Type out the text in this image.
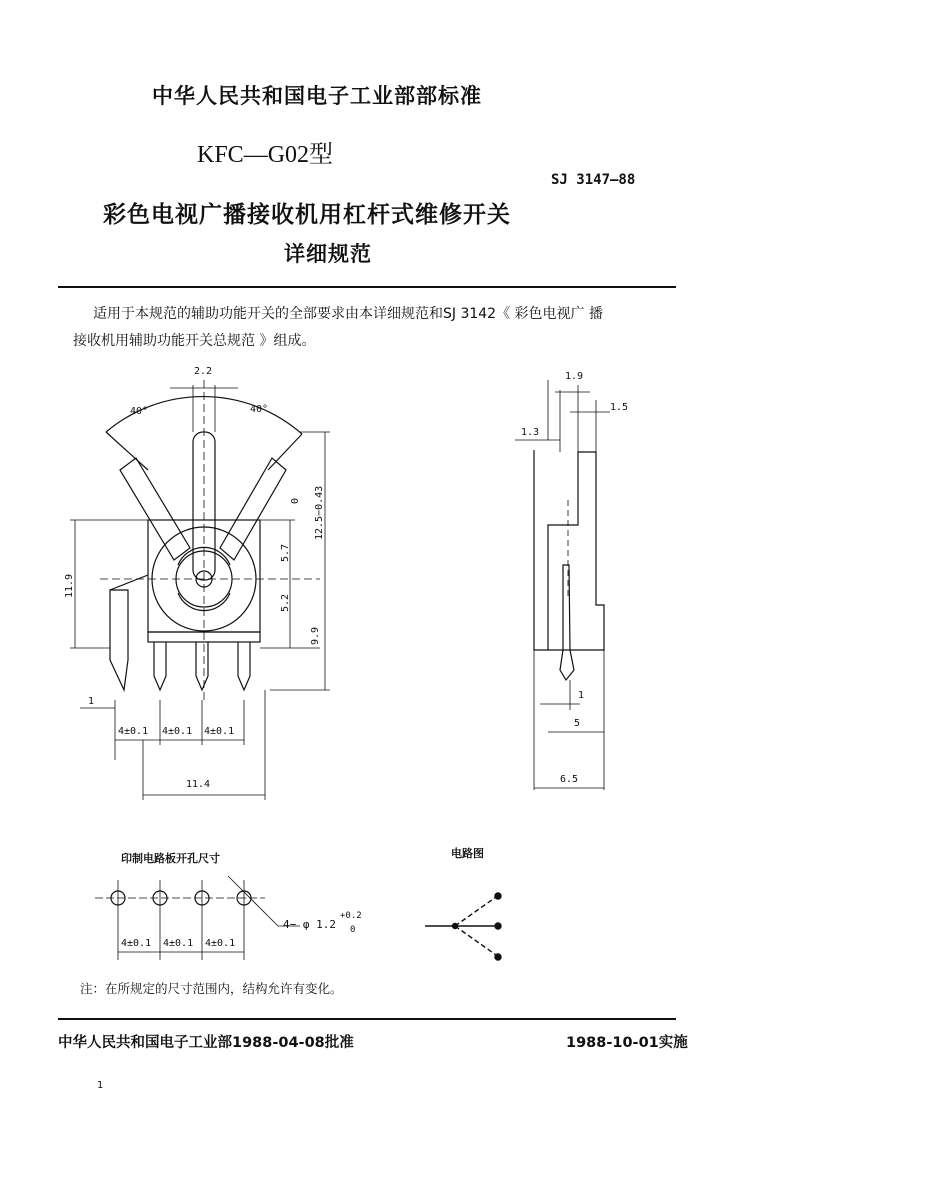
中华人民共和国电子工业部部标准
KFC—G02型
SJ 3147—88
彩色电视广播接收机用杠杆式维修开关
详细规范

适用于本规范的辅助功能开关的全部要求由本详细规范和SJ 3142《 彩色电视广 播

接收机用辅助功能开关总规范 》组成。

2.2
40°	40°
0 12.5−0.43
5.7
5.2
9.9
11.9
1
4±0.1 4±0.1 4±0.1
11.4
1.9
1.5
1.3
1
5
6.5
印制电路板开孔尺寸
4±0.1 4±0.1 4±0.1
4− φ 1.2
+0.2
0
电路图
注：在所规定的尺寸范围内，结构允许有变化。
中华人民共和国电子工业部1988-04-08批准	1988-10-01实施
1
